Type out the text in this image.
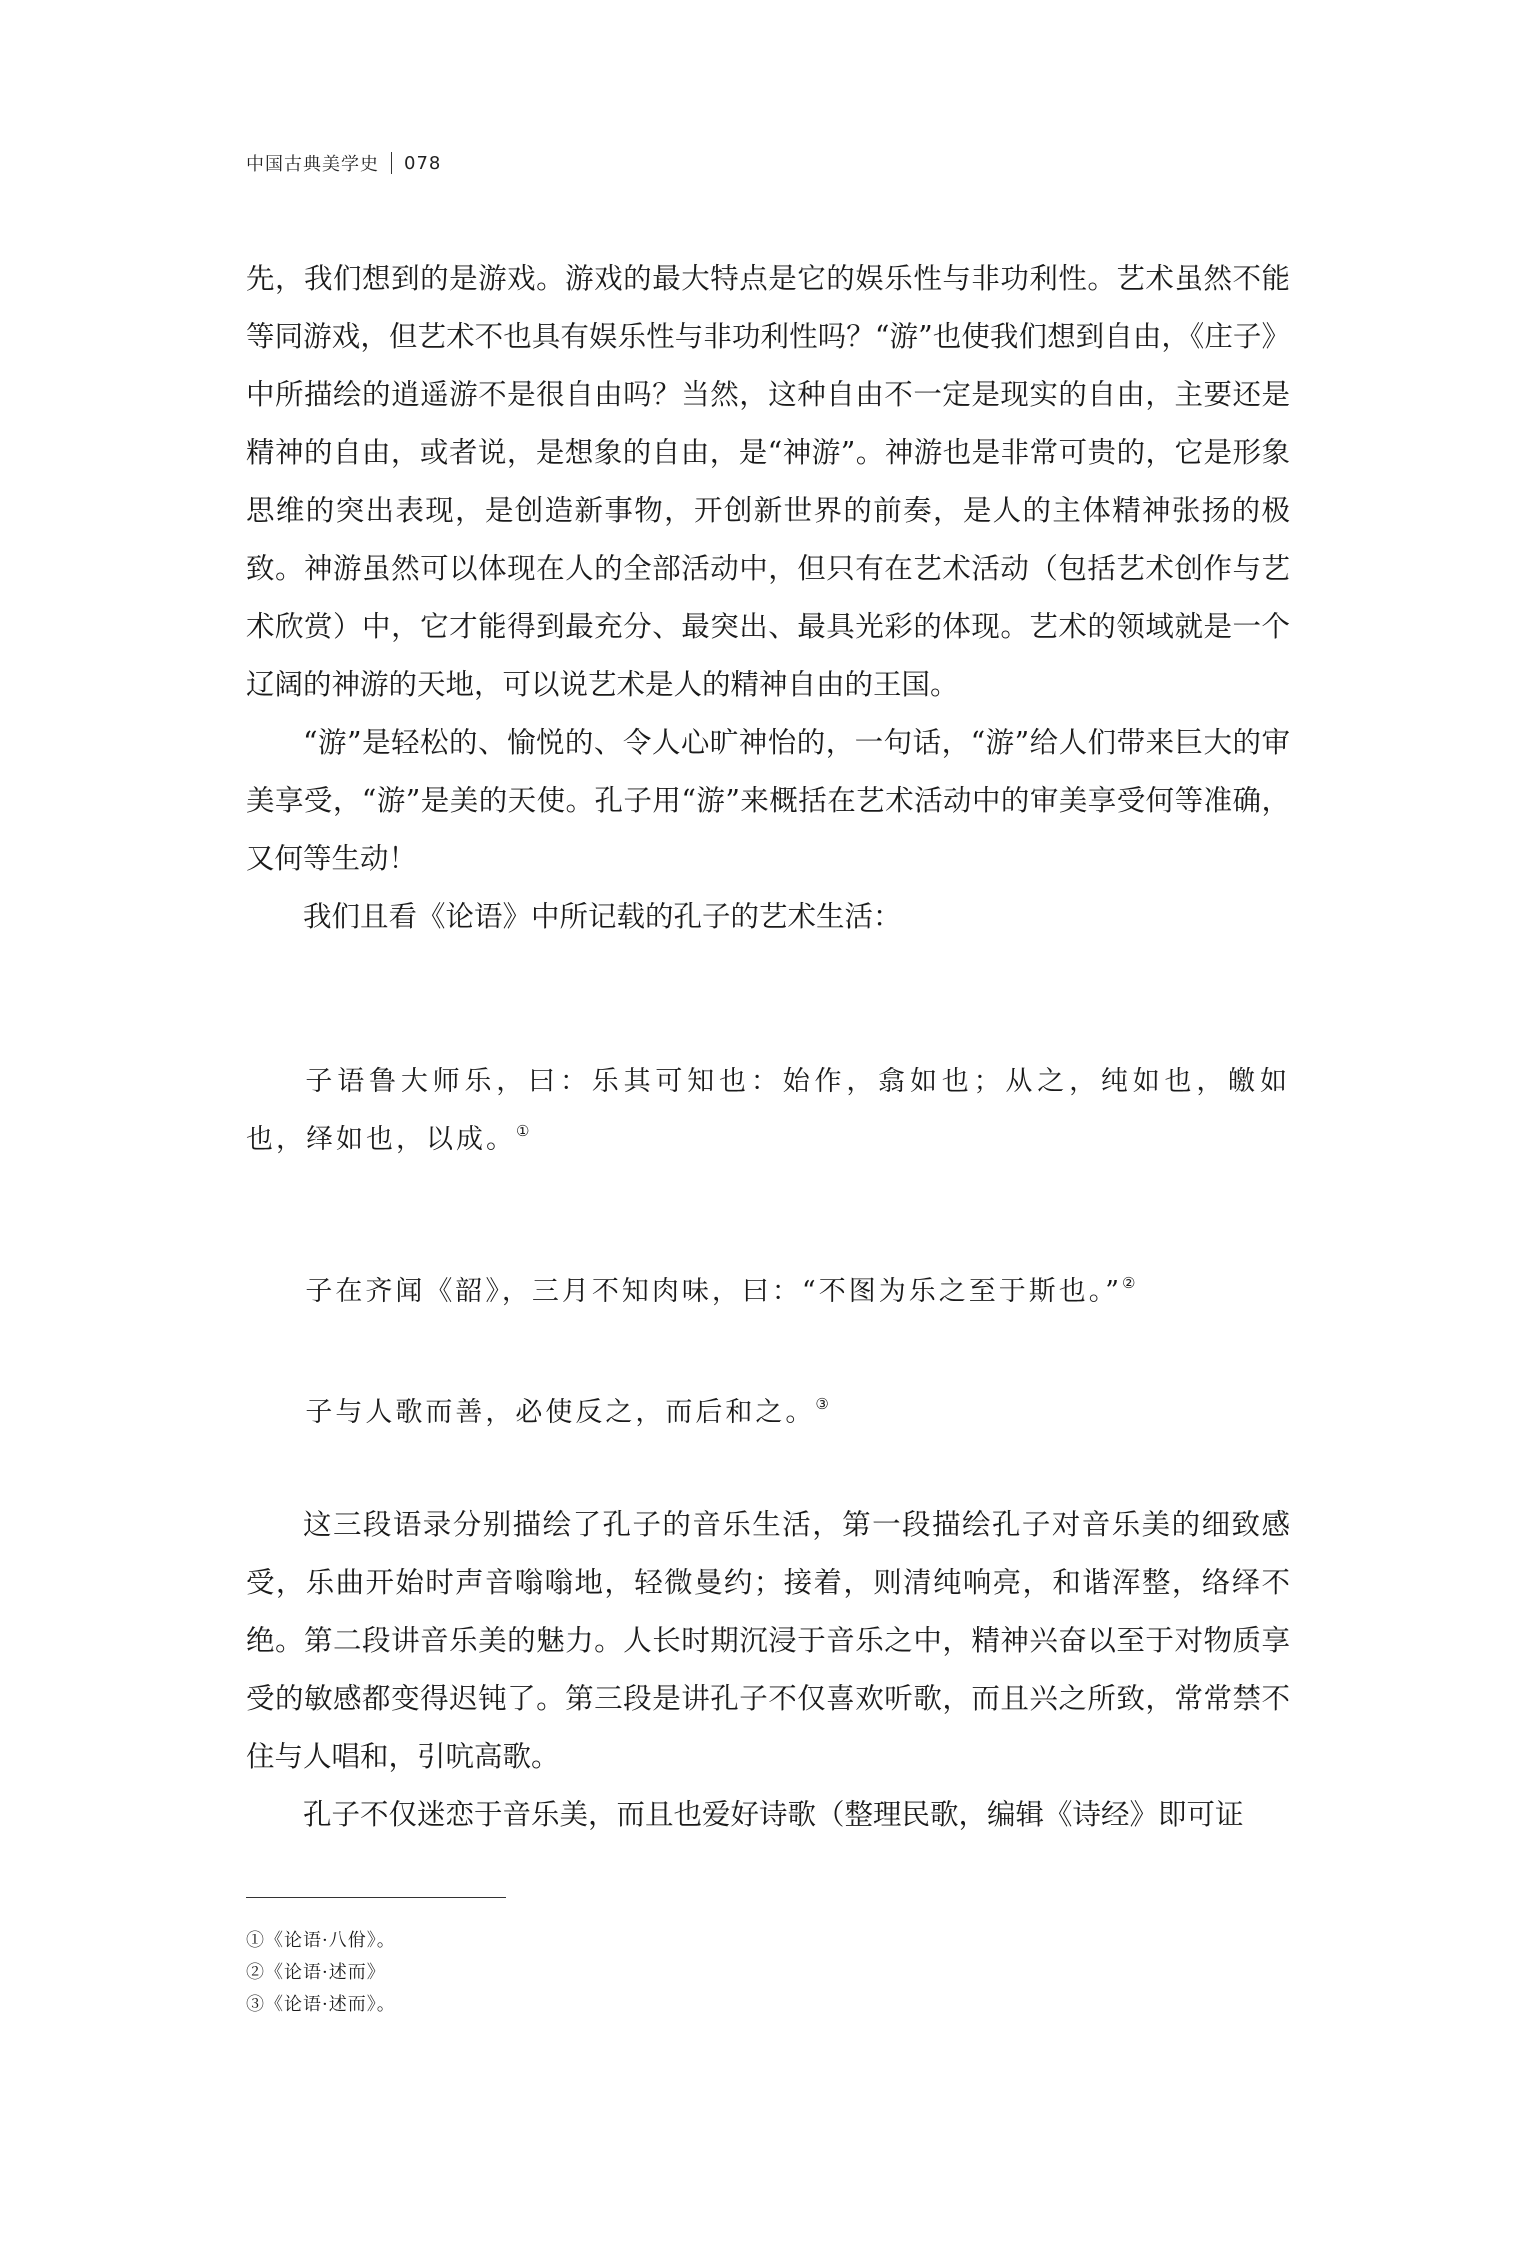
中国古典美学史 078

先，我们想到的是游戏。游戏的最大特点是它的娱乐性与非功利性。艺术虽然不能等同游戏，但艺术不也具有娱乐性与非功利性吗？“游”也使我们想到自由，《庄子》中所描绘的逍遥游不是很自由吗？当然，这种自由不一定是现实的自由，主要还是精神的自由，或者说，是想象的自由，是“神游”。神游也是非常可贵的，它是形象思维的突出表现，是创造新事物，开创新世界的前奏，是人的主体精神张扬的极致。神游虽然可以体现在人的全部活动中，但只有在艺术活动（包括艺术创作与艺术欣赏）中，它才能得到最充分、最突出、最具光彩的体现。艺术的领域就是一个辽阔的神游的天地，可以说艺术是人的精神自由的王国。

“游”是轻松的、愉悦的、令人心旷神怡的，一句话，“游”给人们带来巨大的审美享受，“游”是美的天使。孔子用“游”来概括在艺术活动中的审美享受何等准确，又何等生动！

我们且看《论语》中所记载的孔子的艺术生活：

子语鲁大师乐，曰：乐其可知也：始作，翕如也；从之，纯如也，皦如也，绎如也，以成。①

子在齐闻《韶》，三月不知肉味，曰：“不图为乐之至于斯也。”②

子与人歌而善，必使反之，而后和之。③

这三段语录分别描绘了孔子的音乐生活，第一段描绘孔子对音乐美的细致感受，乐曲开始时声音嗡嗡地，轻微曼约；接着，则清纯响亮，和谐浑整，络绎不绝。第二段讲音乐美的魅力。人长时期沉浸于音乐之中，精神兴奋以至于对物质享受的敏感都变得迟钝了。第三段是讲孔子不仅喜欢听歌，而且兴之所致，常常禁不住与人唱和，引吭高歌。

孔子不仅迷恋于音乐美，而且也爱好诗歌（整理民歌，编辑《诗经》即可证

①《论语·八佾》。
②《论语·述而》
③《论语·述而》。
